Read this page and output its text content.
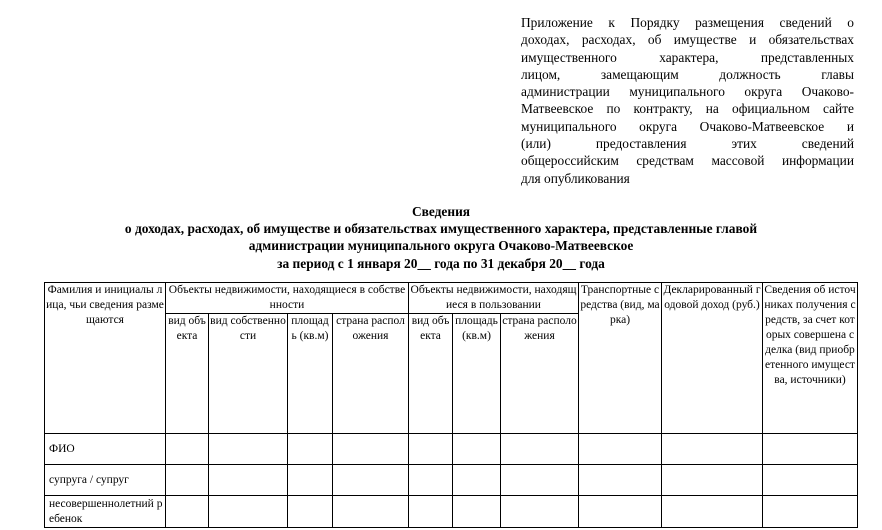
Приложение к Порядку размещения сведений о
доходах, расходах, об имуществе и обязательствах
имущественного характера, представленных
лицом, замещающим должность главы
администрации муниципального округа Очаково-
Матвеевское по контракту, на официальном сайте
муниципального округа Очаково-Матвеевское и
(или) предоставления этих сведений
общероссийским средствам массовой информации
для опубликования
Сведения
о доходах, расходах, об имуществе и обязательствах имущественного характера, представленные главой
администрации муниципального округа Очаково-Матвеевское
за период с 1 января 20__ года по 31 декабря 20__ года
Фамилия и инициалы лица, чьи сведения размещаются	Объекты недвижимости, находящиеся в собственности				Объекты недвижимости, находящиеся в пользовании			Транспортные средства (вид, марка)	Декларированный годовой доход (руб.)	Сведения об источниках получения средств, за счет которых совершена сделка (вид приобретенного имущества, источники)
	вид объекта	вид собственности	площадь (кв.м)	страна расположения	вид объекта	площадь (кв.м)	страна расположения			
ФИО										
супруга / супруг										
несовершеннолетний ребенок										
